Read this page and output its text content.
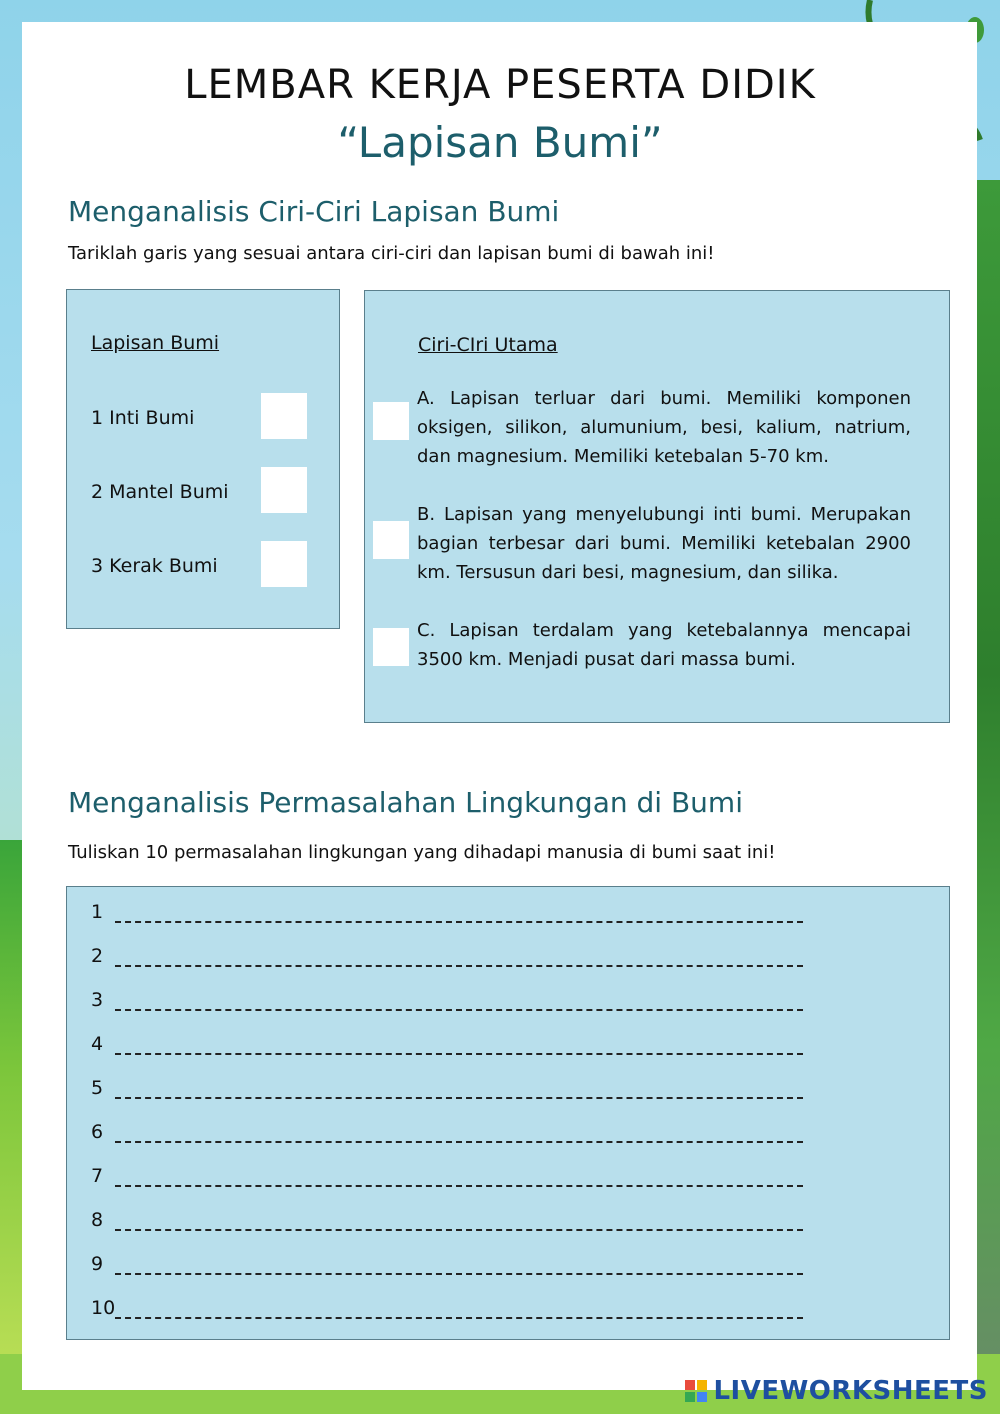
LEMBAR KERJA PESERTA DIDIK
“Lapisan Bumi”
Menganalisis Ciri-Ciri Lapisan Bumi
Tariklah garis yang sesuai antara ciri-ciri dan lapisan bumi di bawah ini!
Lapisan Bumi
1 Inti Bumi
2 Mantel Bumi
3 Kerak Bumi
Ciri-CIri Utama
A. Lapisan terluar dari bumi. Memiliki komponen oksigen, silikon, alumunium, besi, kalium, natrium, dan magnesium. Memiliki ketebalan 5-70 km.
B. Lapisan yang menyelubungi inti bumi. Merupakan bagian terbesar dari bumi. Memiliki ketebalan 2900 km. Tersusun dari besi, magnesium, dan silika.
C. Lapisan terdalam yang ketebalannya mencapai 3500 km. Menjadi pusat dari massa bumi.
Menganalisis Permasalahan Lingkungan di Bumi
Tuliskan 10 permasalahan lingkungan yang dihadapi manusia di bumi saat ini!
1
2
3
4
5
6
7
8
9
10
LIVEWORKSHEETS
